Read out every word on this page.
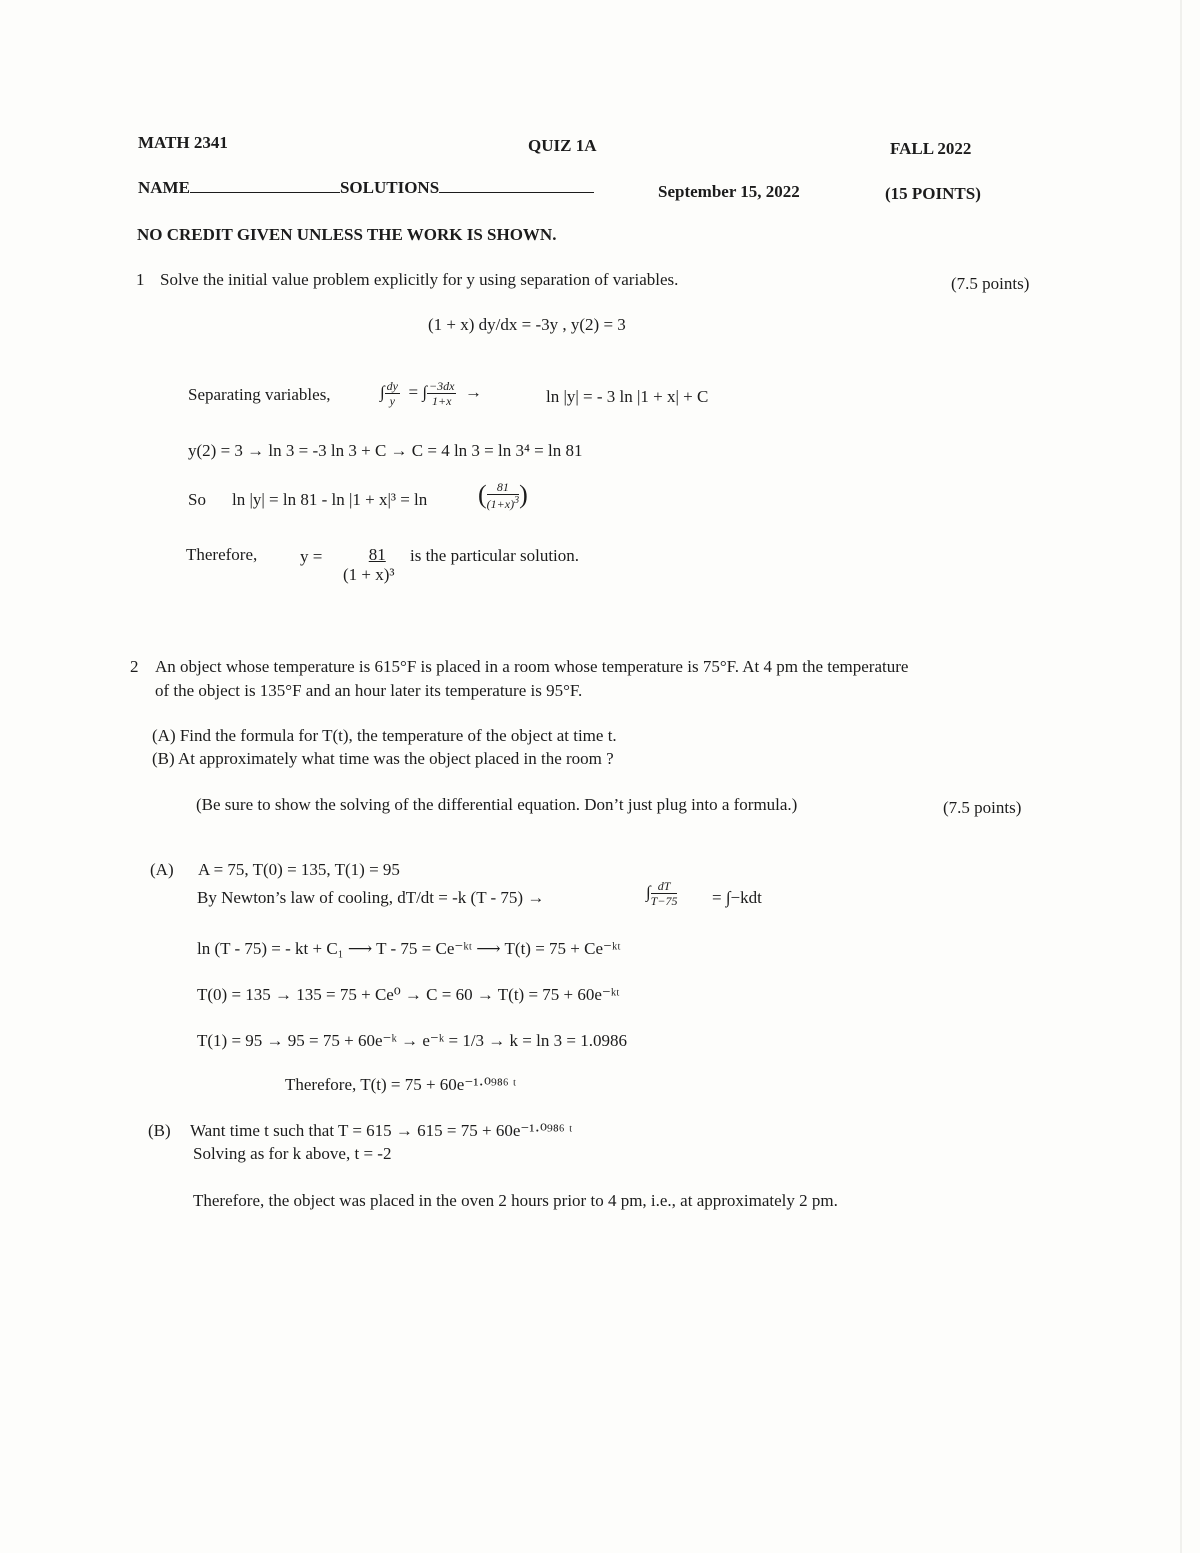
MATH 2341	QUIZ 1A	FALL 2022
NAME	SOLUTIONS	September 15, 2022	(15 POINTS)
NO CREDIT GIVEN UNLESS THE WORK IS SHOWN.
1 Solve the initial value problem explicitly for y using separation of variables.	(7.5 points)
(1 + x) dy/dx = -3y , y(2) = 3
Separating variables,	∫ $\frac{dy}{y}$ = ∫ $\frac{-3dx}{1+x}$ →	ln |y| = - 3 ln |1 + x| + C
y(2) = 3 → ln 3 = -3 ln 3 + C → C = 4 ln 3 = ln 3⁴ = ln 81
So ln |y| = ln 81 - ln |1 + x|³ = ln ( $\frac{81}{(1+x)^3}$ )
Therefore,	$y = \frac{81}{\text{(1 + x)³}}$ is the particular solution.
2 An object whose temperature is 615°F is placed in a room whose temperature is 75°F. At 4 pm the temperature
of the object is 135°F and an hour later its temperature is 95°F.
(A) Find the formula for T(t), the temperature of the object at time t.
(B) At approximately what time was the object placed in the room ?
(Be sure to show the solving of the differential equation. Don’t just plug into a formula.)	(7.5 points)
(A) A = 75, T(0) = 135, T(1) = 95
By Newton’s law of cooling, dT/dt = -k (T - 75) →	∫ $\frac{dT}{T-75} = \int-kdt$
ln (T - 75) = - kt + C₁ ⟶ T - 75 = Ce⁻ᵏᵗ ⟶ T(t) = 75 + Ce⁻ᵏᵗ
T(0) = 135 → 135 = 75 + Ce⁰ → C = 60 → T(t) = 75 + 60e⁻ᵏᵗ
T(1) = 95 → 95 = 75 + 60e⁻ᵏ → e⁻ᵏ = 1/3 → k = ln 3 = 1.0986
Therefore, T(t) = 75 + 60e⁻¹·⁰⁹⁸⁶ ᵗ
(B) Want time t such that T = 615 → 615 = 75 + 60e⁻¹·⁰⁹⁸⁶ ᵗ
Solving as for k above, t = -2
Therefore, the object was placed in the oven 2 hours prior to 4 pm, i.e., at approximately 2 pm.
